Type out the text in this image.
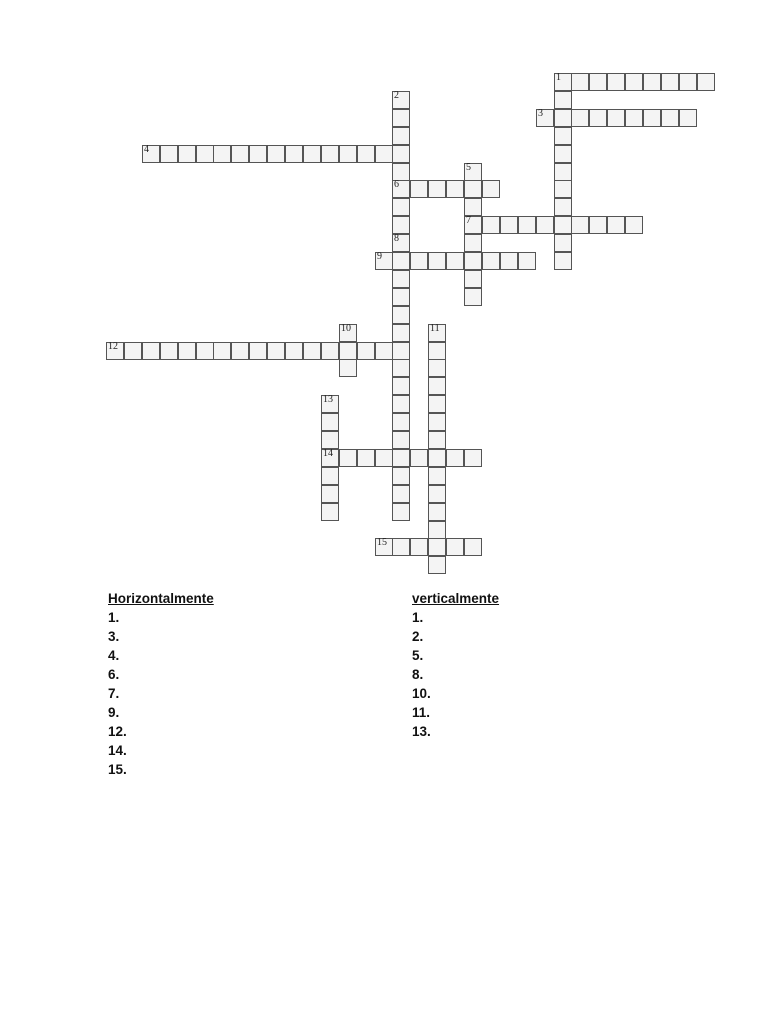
1
2
6
3
4
5
7
8
9
10	11
12
13
14
15
Horizontalmente
1.
3.
4.
6.
7.
9.
12.
14.
15.
verticalmente
1.
2.
5.
8.
10.
11.
13.
